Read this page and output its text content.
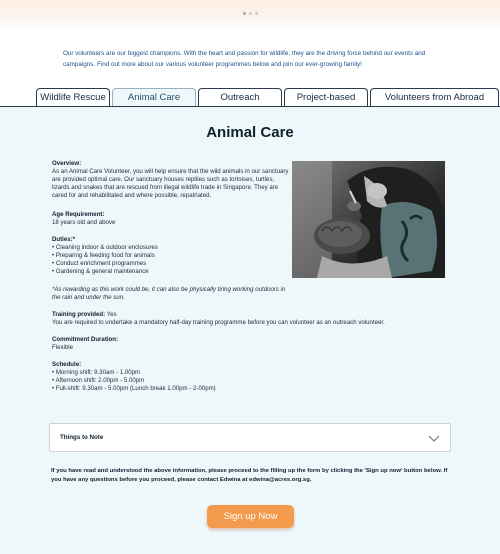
Our volunteers are our biggest champions. With the heart and passion for wildlife, they are the driving force behind our events and campaigns. Find out more about our various volunteer programmes below and join our ever-growing family!

Wildlife Rescue	Animal Care	Outreach	Project-based	Volunteers from Abroad
Animal Care
Overview:
As an Animal Care Volunteer, you will help ensure that the wild animals in our sanctuary are provided optimal care. Our sanctuary houses reptiles such as tortoises, turtles, lizards and snakes that are rescued from illegal wildlife trade in Singapore. They are cared for and rehabilitated and where possible, repatriated.
Age Requirement:
18 years old and above
Duties:*
• Cleaning indoor & outdoor enclosures
• Preparing & feeding food for animals
• Conduct enrichment programmes
• Gardening & general maintenance
*As rewarding as this work could be, it can also be physically tiring working outdoors in the rain and under the sun.
Training provided: Yes
You are required to undertake a mandatory half-day training programme before you can volunteer as an outreach volunteer.
Commitment Duration:
Flexible
Schedule:
• Morning shift: 9.30am - 1.00pm
• Afternoon shift: 2.00pm - 5.00pm
• Full-shift: 9.30am - 5.00pm (Lunch break 1.00pm - 2-00pm)
Things to Note

If you have read and understood the above information, please proceed to the filling up the form by clicking the 'Sign up now' button below. If you have any questions before you proceed, please contact Edwina at edwina@acres.org.sg.

Sign up Now
